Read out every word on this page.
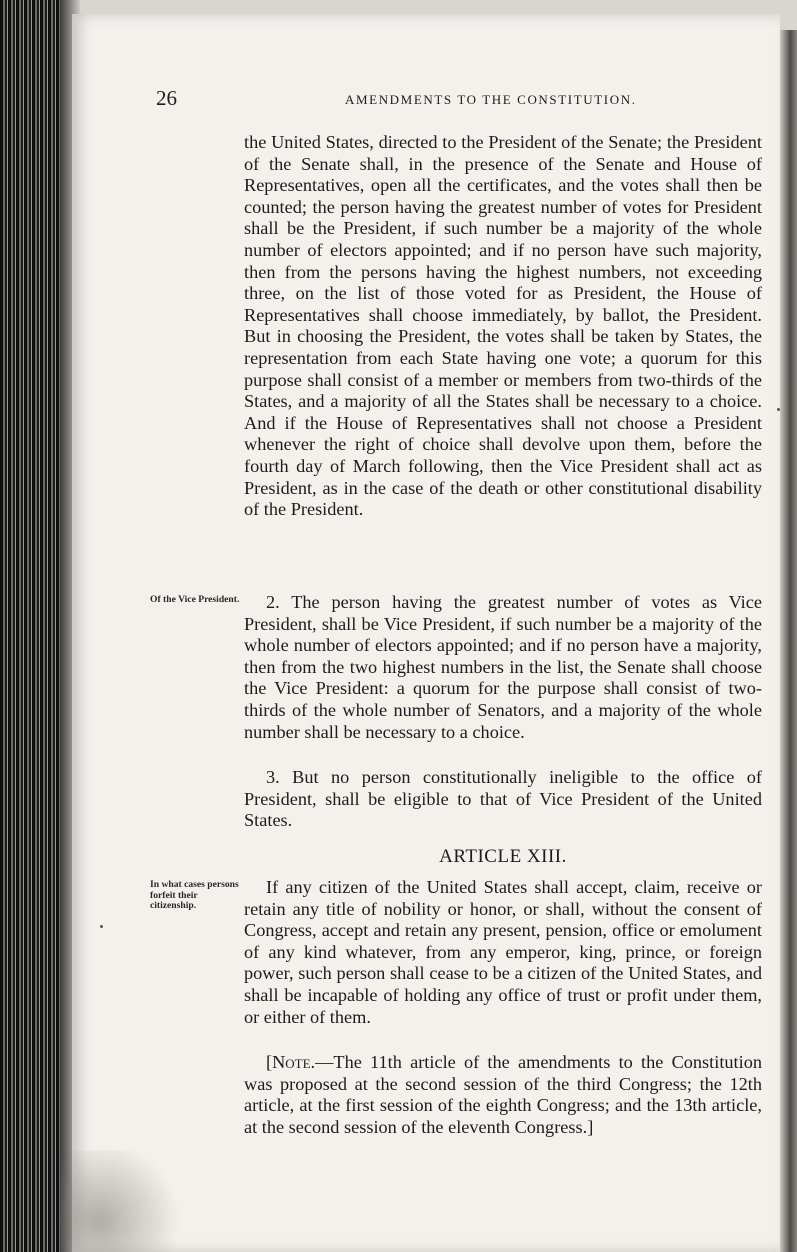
26	AMENDMENTS TO THE CONSTITUTION.

the United States, directed to the President of the Senate; the President of the Senate shall, in the presence of the Senate and House of Representatives, open all the certificates, and the votes shall then be counted; the person having the greatest number of votes for President shall be the President, if such number be a majority of the whole number of electors appointed; and if no person have such majority, then from the persons having the highest numbers, not exceeding three, on the list of those voted for as President, the House of Representatives shall choose immediately, by ballot, the President. But in choosing the President, the votes shall be taken by States, the representation from each State having one vote; a quorum for this purpose shall consist of a member or members from two-thirds of the States, and a majority of all the States shall be necessary to a choice. And if the House of Representatives shall not choose a President whenever the right of choice shall devolve upon them, before the fourth day of March following, then the Vice President shall act as President, as in the case of the death or other constitutional disability of the President.

Of the Vice President.	2. The person having the greatest number of votes as Vice President, shall be Vice President, if such number be a majority of the whole number of electors appointed; and if no person have a majority, then from the two highest numbers in the list, the Senate shall choose the Vice President: a quorum for the purpose shall consist of two-thirds of the whole number of Senators, and a majority of the whole number shall be necessary to a choice.

3. But no person constitutionally ineligible to the office of President, shall be eligible to that of Vice President of the United States.

ARTICLE XIII.
In what cases persons forfeit their citizenship.

If any citizen of the United States shall accept, claim, receive or retain any title of nobility or honor, or shall, without the consent of Congress, accept and retain any present, pension, office or emolument of any kind whatever, from any emperor, king, prince, or foreign power, such person shall cease to be a citizen of the United States, and shall be incapable of holding any office of trust or profit under them, or either of them.

[Note.—The 11th article of the amendments to the Constitution was proposed at the second session of the third Congress; the 12th article, at the first session of the eighth Congress; and the 13th article, at the second session of the eleventh Congress.]
